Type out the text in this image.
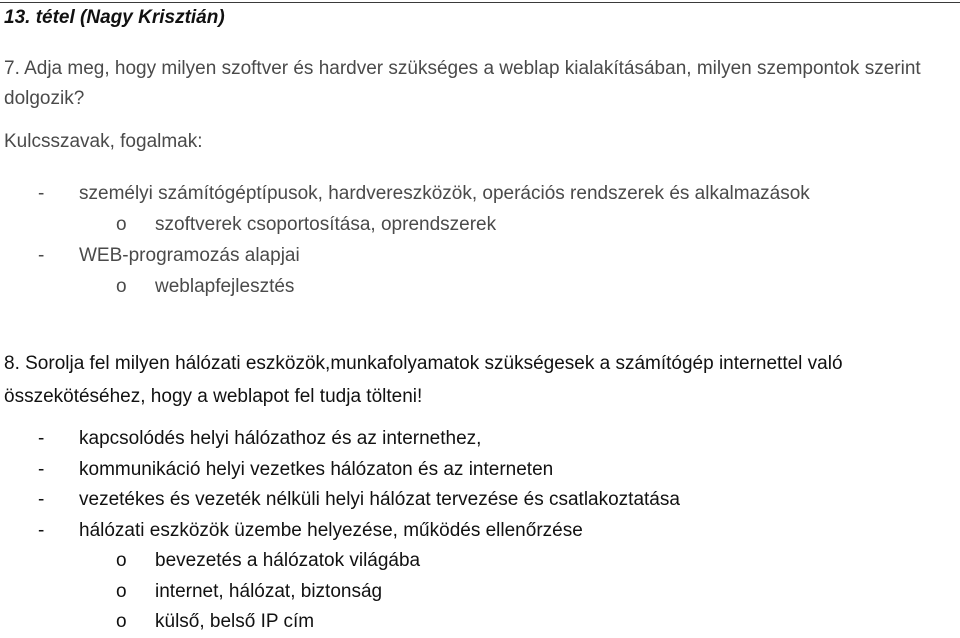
13. tétel (Nagy Krisztián)
7. Adja meg, hogy milyen szoftver és hardver szükséges a weblap kialakításában, milyen szempontok szerint dolgozik?
Kulcsszavak, fogalmak:
- személyi számítógéptípusok, hardvereszközök, operációs rendszerek és alkalmazások
o szoftverek csoportosítása, oprendszerek
- WEB-programozás alapjai
o weblapfejlesztés
8. Sorolja fel milyen hálózati eszközök,munkafolyamatok szükségesek a számítógép internettel való összekötéséhez, hogy a weblapot fel tudja tölteni!
- kapcsolódés helyi hálózathoz és az internethez,
- kommunikáció helyi vezetkes hálózaton és az interneten
- vezetékes és vezeték nélküli helyi hálózat tervezése és csatlakoztatása
- hálózati eszközök üzembe helyezése, működés ellenőrzése
o bevezetés a hálózatok világába
o internet, hálózat, biztonság
o külső, belső IP cím
